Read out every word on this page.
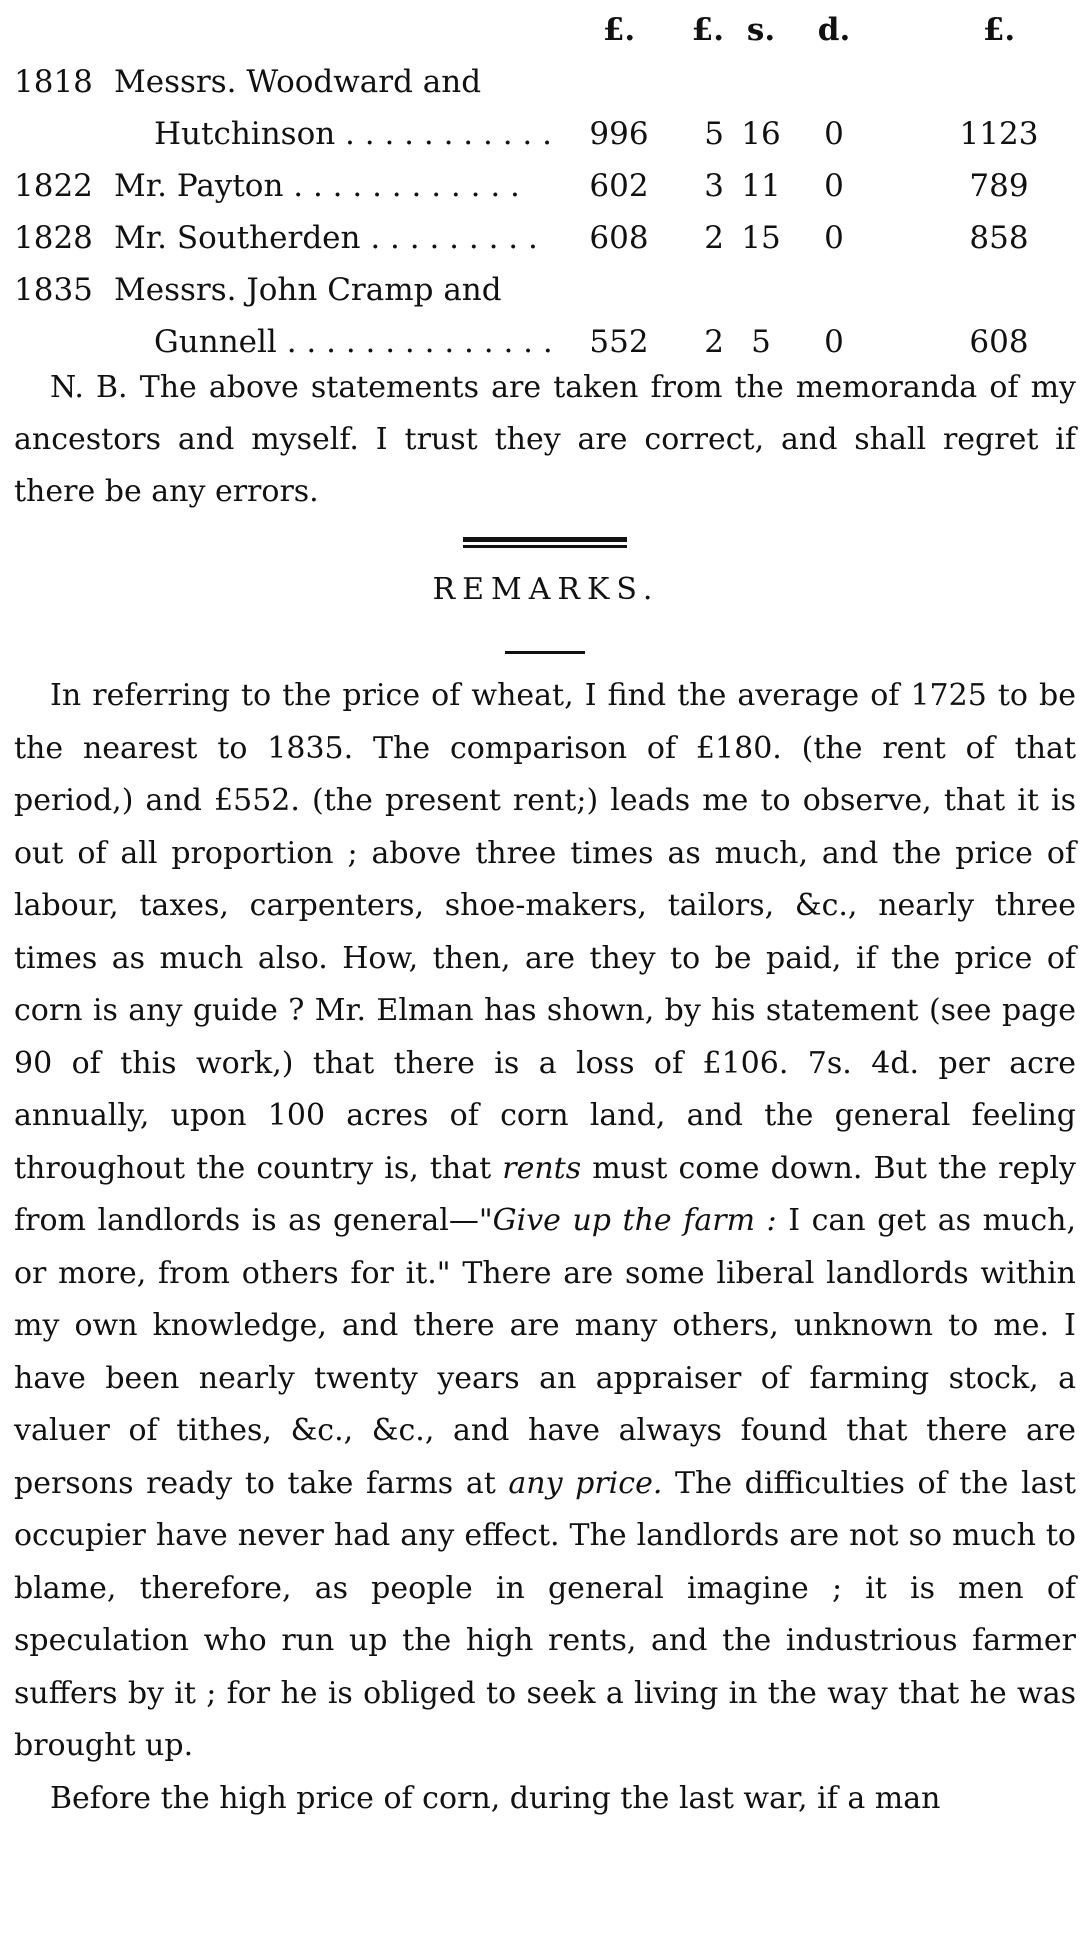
£.	£. s.	d.	£.
1818 Messrs. Woodward and
Hutchinson . . . . . . . . . . . 996	5 16	0	1123
1822 Mr. Payton . . . . . . . . . . . . 602	3 11	0	789
1828 Mr. Southerden . . . . . . . . . 608	2 15	0	858
1835 Messrs. John Cramp and
Gunnell . . . . . . . . . . . . . . 552	2 5	0	608

N. B. The above statements are taken from the memoranda of my ancestors and myself. I trust they are correct, and shall regret if there be any errors.

REMARKS.

In referring to the price of wheat, I find the average of 1725 to be the nearest to 1835. The comparison of £180. (the rent of that period,) and £552. (the present rent;) leads me to observe, that it is out of all proportion ; above three times as much, and the price of labour, taxes, carpenters, shoe-makers, tailors, &c., nearly three times as much also. How, then, are they to be paid, if the price of corn is any guide ? Mr. Elman has shown, by his statement (see page 90 of this work,) that there is a loss of £106. 7s. 4d. per acre annually, upon 100 acres of corn land, and the general feeling throughout the country is, that rents must come down. But the reply from landlords is as general—"Give up the farm : I can get as much, or more, from others for it." There are some liberal landlords within my own knowledge, and there are many others, unknown to me. I have been nearly twenty years an appraiser of farming stock, a valuer of tithes, &c., &c., and have always found that there are persons ready to take farms at any price. The difficulties of the last occupier have never had any effect. The landlords are not so much to blame, therefore, as people in general imagine ; it is men of speculation who run up the high rents, and the industrious farmer suffers by it ; for he is obliged to seek a living in the way that he was brought up.

Before the high price of corn, during the last war, if a man
